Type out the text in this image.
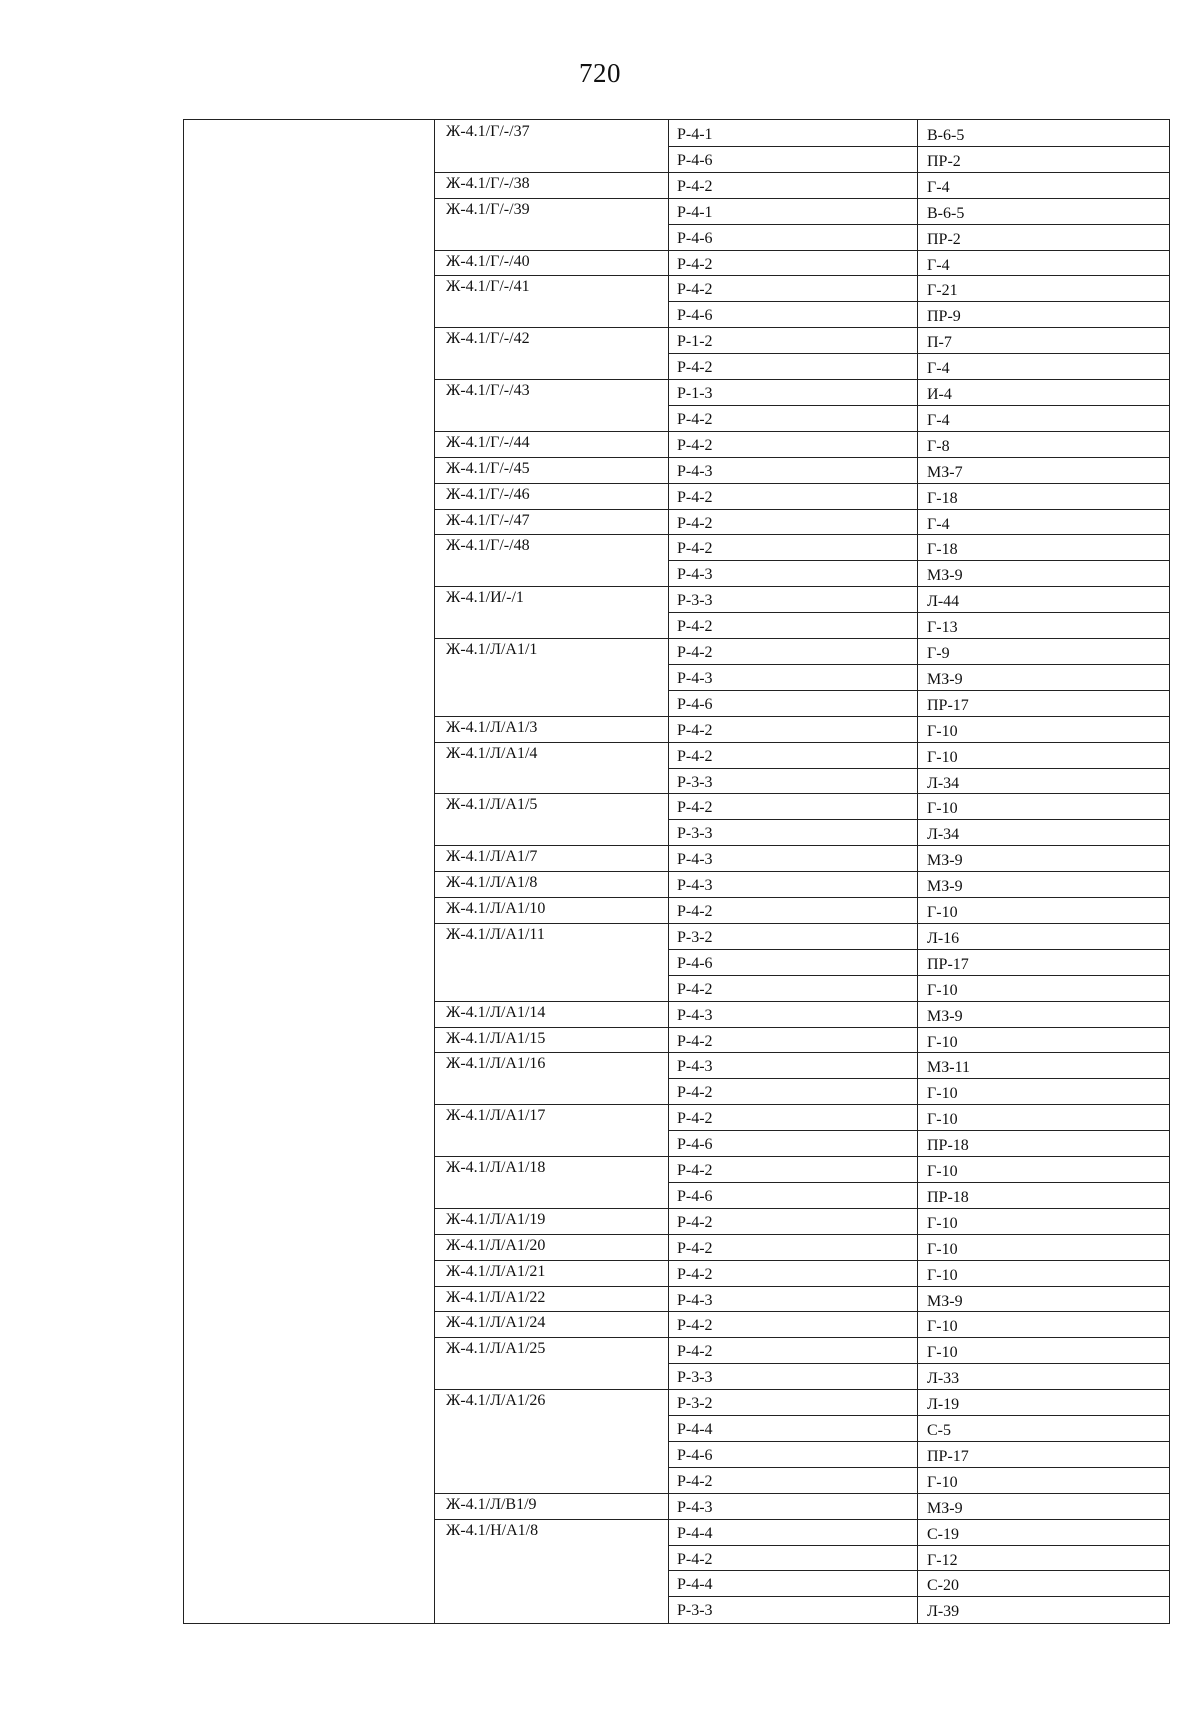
720
Ж-4.1/Г/-/37	Р-4-1	В-6-5
Р-4-6	ПР-2
Ж-4.1/Г/-/38	Р-4-2	Г-4
Ж-4.1/Г/-/39	Р-4-1	В-6-5
Р-4-6	ПР-2
Ж-4.1/Г/-/40	Р-4-2	Г-4
Ж-4.1/Г/-/41	Р-4-2	Г-21
Р-4-6	ПР-9
Ж-4.1/Г/-/42	Р-1-2	П-7
Р-4-2	Г-4
Ж-4.1/Г/-/43	Р-1-3	И-4
Р-4-2	Г-4
Ж-4.1/Г/-/44	Р-4-2	Г-8
Ж-4.1/Г/-/45	Р-4-3	МЗ-7
Ж-4.1/Г/-/46	Р-4-2	Г-18
Ж-4.1/Г/-/47	Р-4-2	Г-4
Ж-4.1/Г/-/48	Р-4-2	Г-18
Р-4-3	МЗ-9
Ж-4.1/И/-/1	Р-3-3	Л-44
Р-4-2	Г-13
Ж-4.1/Л/А1/1	Р-4-2	Г-9
Р-4-3	МЗ-9
Р-4-6	ПР-17
Ж-4.1/Л/А1/3	Р-4-2	Г-10
Ж-4.1/Л/А1/4	Р-4-2	Г-10
Р-3-3	Л-34
Ж-4.1/Л/А1/5	Р-4-2	Г-10
Р-3-3	Л-34
Ж-4.1/Л/А1/7	Р-4-3	МЗ-9
Ж-4.1/Л/А1/8	Р-4-3	МЗ-9
Ж-4.1/Л/А1/10	Р-4-2	Г-10
Ж-4.1/Л/А1/11	Р-3-2	Л-16
Р-4-6	ПР-17
Р-4-2	Г-10
Ж-4.1/Л/А1/14	Р-4-3	МЗ-9
Ж-4.1/Л/А1/15	Р-4-2	Г-10
Ж-4.1/Л/А1/16	Р-4-3	МЗ-11
Р-4-2	Г-10
Ж-4.1/Л/А1/17	Р-4-2	Г-10
Р-4-6	ПР-18
Ж-4.1/Л/А1/18	Р-4-2	Г-10
Р-4-6	ПР-18
Ж-4.1/Л/А1/19	Р-4-2	Г-10
Ж-4.1/Л/А1/20	Р-4-2	Г-10
Ж-4.1/Л/А1/21	Р-4-2	Г-10
Ж-4.1/Л/А1/22	Р-4-3	МЗ-9
Ж-4.1/Л/А1/24	Р-4-2	Г-10
Ж-4.1/Л/А1/25	Р-4-2	Г-10
Р-3-3	Л-33
Ж-4.1/Л/А1/26	Р-3-2	Л-19
Р-4-4	С-5
Р-4-6	ПР-17
Р-4-2	Г-10
Ж-4.1/Л/В1/9	Р-4-3	МЗ-9
Ж-4.1/Н/А1/8	Р-4-4	С-19
Р-4-2	Г-12
Р-4-4	С-20
Р-3-3	Л-39
